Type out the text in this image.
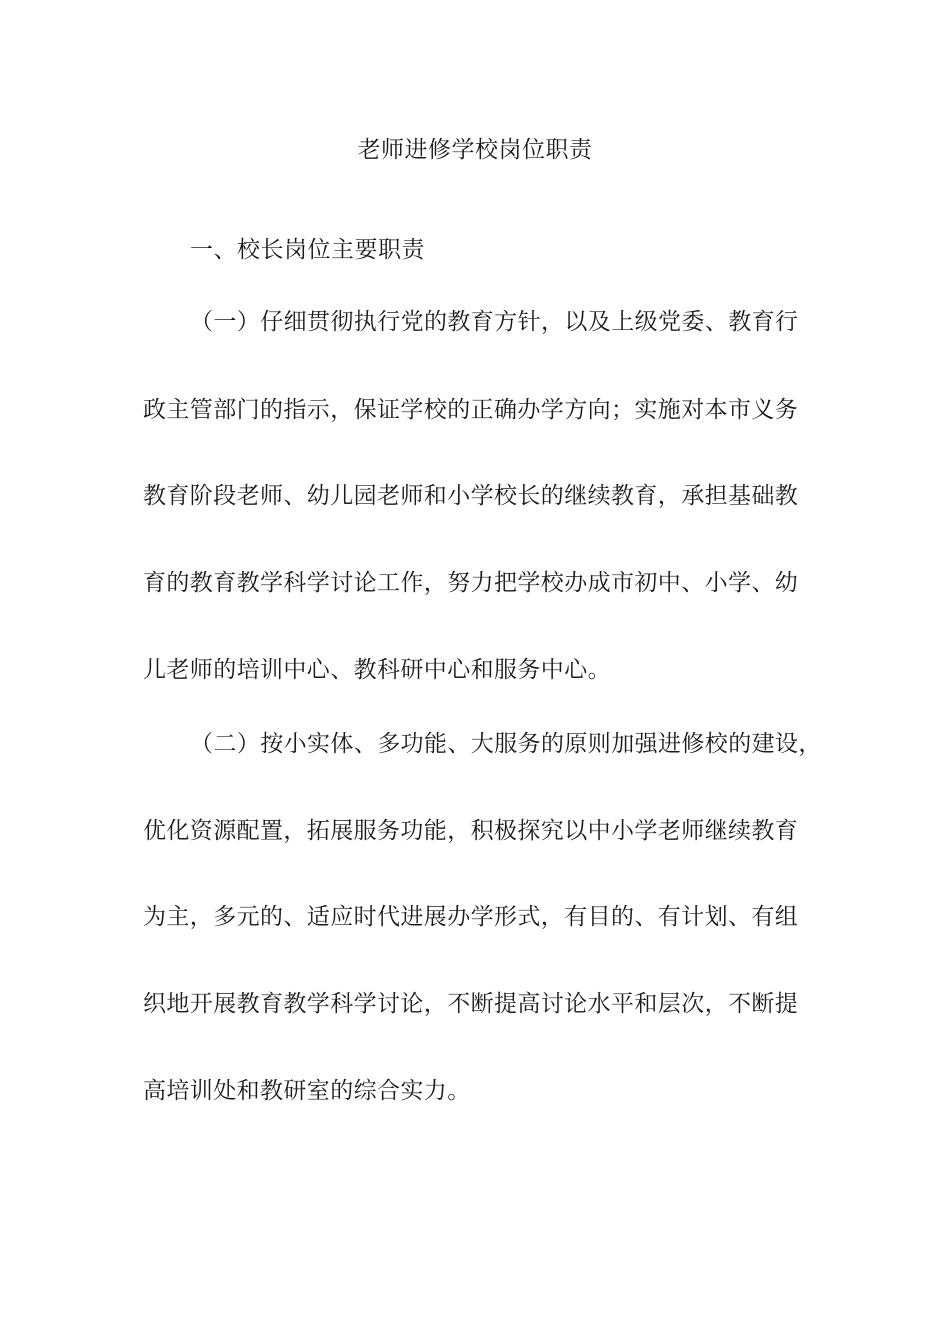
老师进修学校岗位职责
一、校长岗位主要职责
（一）仔细贯彻执行党的教育方针，以及上级党委、教育行
政主管部门的指示，保证学校的正确办学方向；实施对本市义务
教育阶段老师、幼儿园老师和小学校长的继续教育，承担基础教
育的教育教学科学讨论工作，努力把学校办成市初中、小学、幼
儿老师的培训中心、教科研中心和服务中心。
（二）按小实体、多功能、大服务的原则加强进修校的建设，
优化资源配置，拓展服务功能，积极探究以中小学老师继续教育
为主，多元的、适应时代进展办学形式，有目的、有计划、有组
织地开展教育教学科学讨论，不断提高讨论水平和层次，不断提
高培训处和教研室的综合实力。
